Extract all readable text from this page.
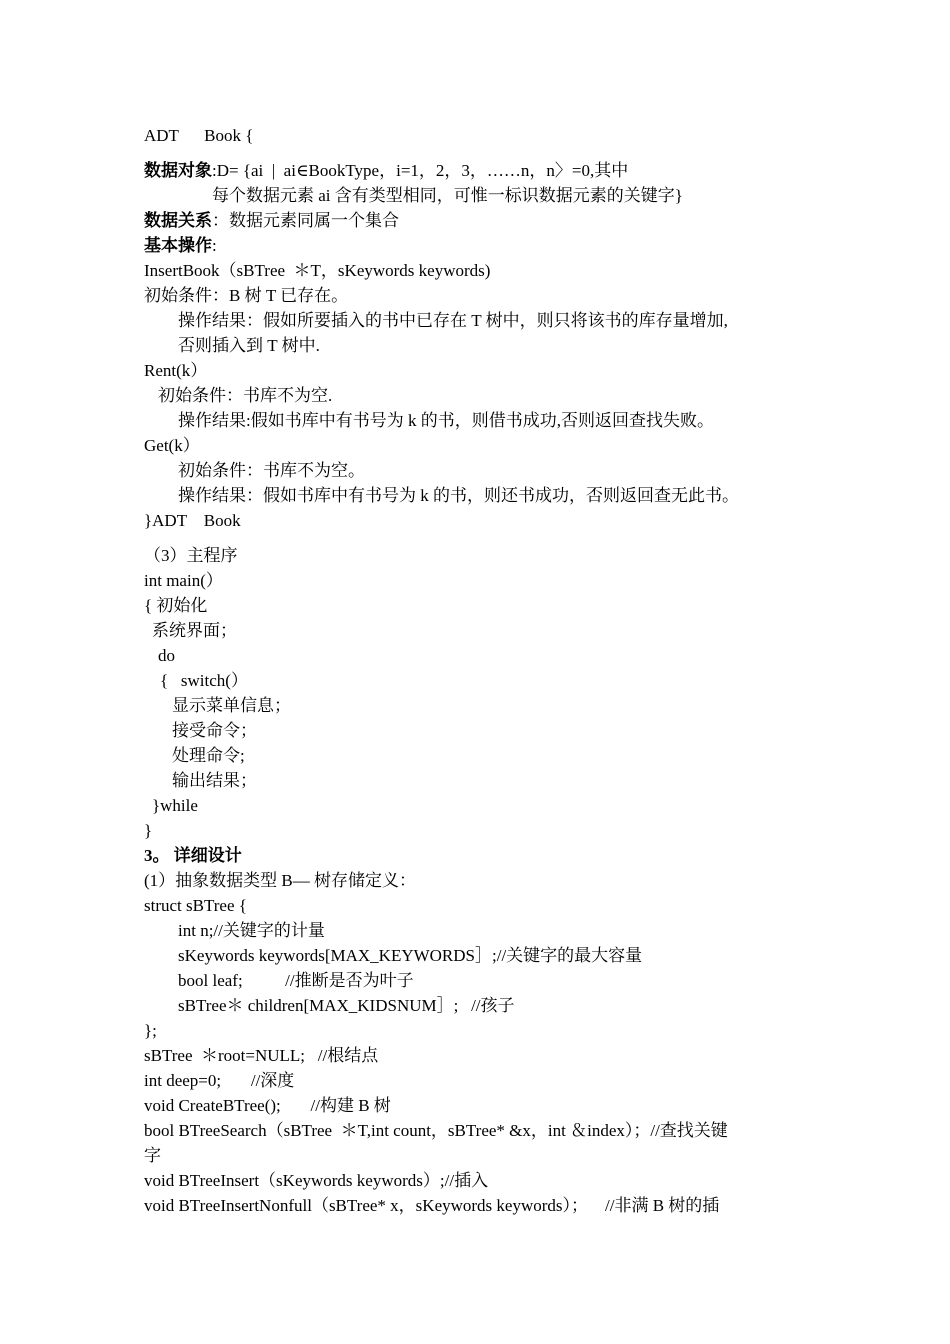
ADT      Book {

数据对象:D= {ai  |  ai∈BookType，i=1，2，3，……n，n〉=0,其中

每个数据元素 ai 含有类型相同，可惟一标识数据元素的关键字}

数据关系：数据元素同属一个集合

基本操作:

InsertBook（sBTree  ＊T，sKeywords keywords)

初始条件：B 树 T 已存在。

操作结果：假如所要插入的书中已存在 T 树中，则只将该书的库存量增加,

否则插入到 T 树中.

Rent(k）

初始条件：书库不为空.

操作结果:假如书库中有书号为 k 的书，则借书成功,否则返回查找失败。

Get(k）

初始条件：书库不为空。

操作结果：假如书库中有书号为 k 的书，则还书成功，否则返回查无此书。

}ADT    Book

（3）主程序

int main(）

{ 初始化

系统界面；

do

{   switch(）

显示菜单信息；

接受命令；

处理命令;

输出结果；

}while

}

3。 详细设计

(1）抽象数据类型 B— 树存储定义：

struct sBTree {

int n;//关键字的计量

sKeywords keywords[MAX_KEYWORDS］;//关键字的最大容量

bool leaf;          //推断是否为叶子

sBTree＊ children[MAX_KIDSNUM］;   //孩子

};

sBTree  ＊root=NULL;   //根结点

int deep=0;       //深度

void CreateBTree();       //构建 B 树

bool BTreeSearch（sBTree  ＊T,int count，sBTree* &x，int ＆index）；//查找关键

字

void BTreeInsert（sKeywords keywords）;//插入

void BTreeInsertNonfull（sBTree* x，sKeywords keywords）；    //非满 B 树的插
